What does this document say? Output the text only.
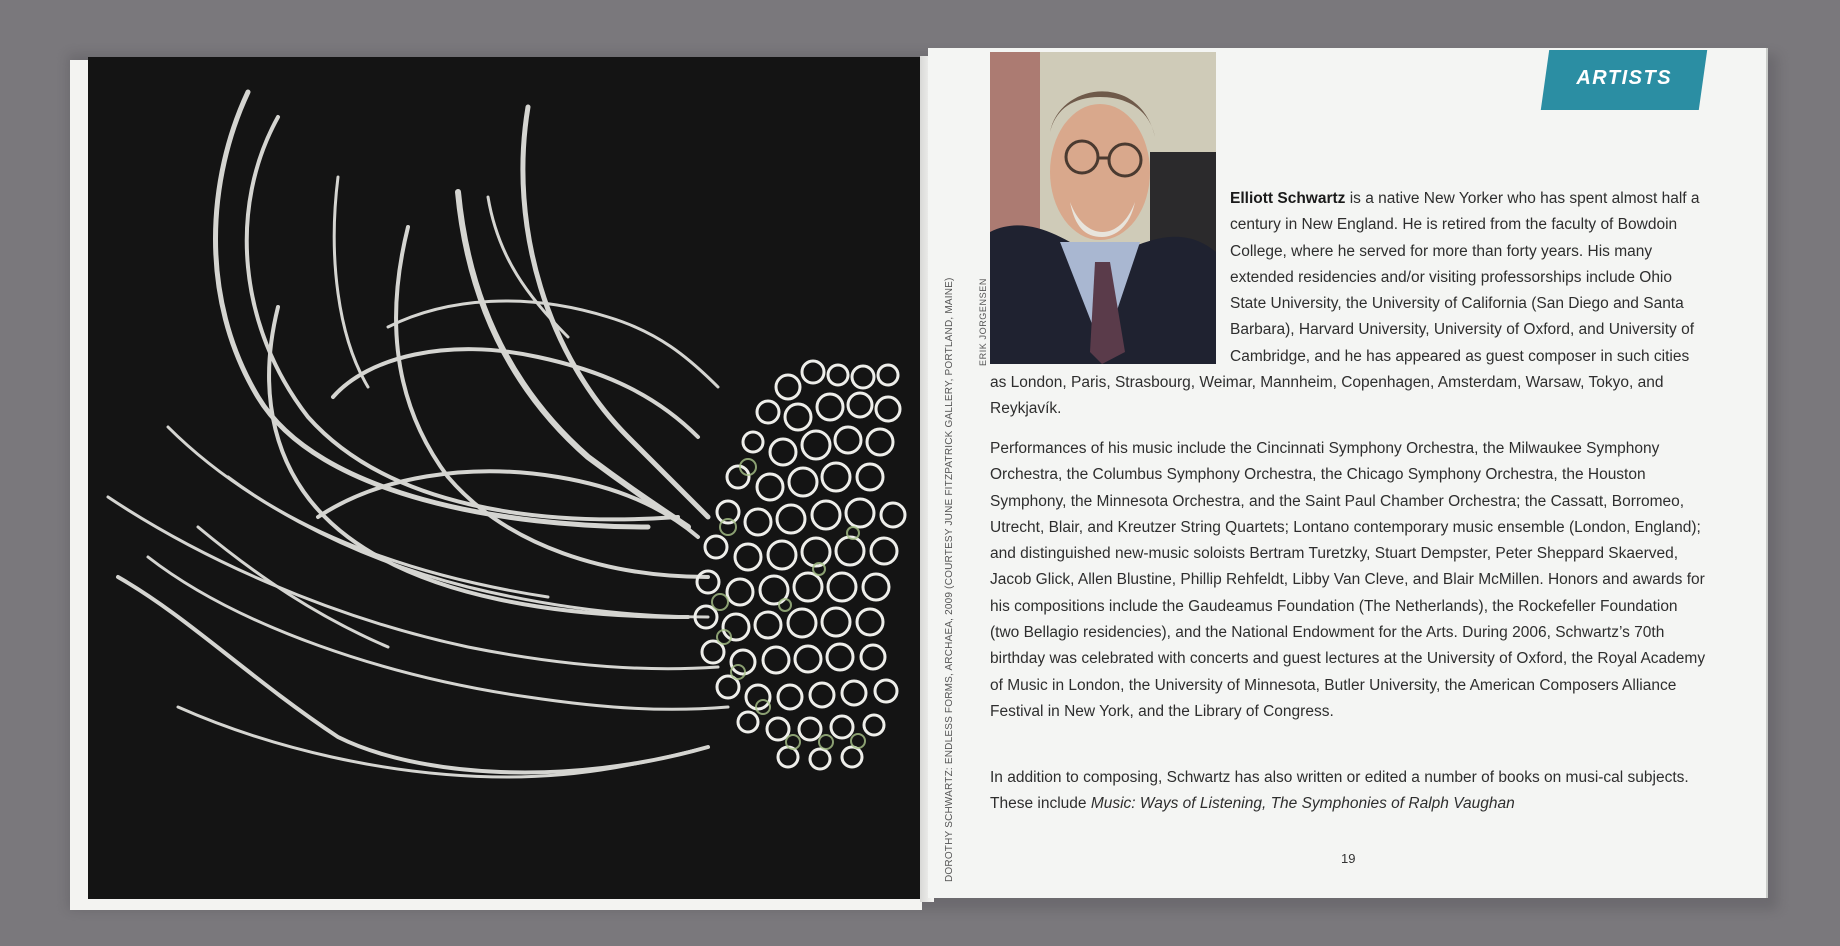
DOROTHY SCHWARTZ: ENDLESS FORMS, ARCHAEA, 2009 (COURTESY JUNE FITZPATRICK GALLERY, PORTLAND, MAINE)	ERIK JORGENSEN
ARTISTS
Elliott Schwartz is a native New Yorker who has spent almost half a century in New England. He is retired from the faculty of Bowdoin College, where he served for more than forty years. His many extended residencies and/or visiting professorships include Ohio State University, the University of California (San Diego and Santa Barbara), Harvard University, University of Oxford, and University of Cambridge, and he has appeared as guest composer in such cities as London, Paris, Strasbourg, Weimar, Mannheim, Copenhagen, Amsterdam, Warsaw, Tokyo, and Reykjavík.
Performances of his music include the Cincinnati Symphony Orchestra, the Milwaukee Symphony Orchestra, the Columbus Symphony Orchestra, the Chicago Symphony Orchestra, the Houston Symphony, the Minnesota Orchestra, and the Saint Paul Chamber Orchestra; the Cassatt, Borromeo, Utrecht, Blair, and Kreutzer String Quartets; Lontano contemporary music ensemble (London, England); and distinguished new-music soloists Bertram Turetzky, Stuart Dempster, Peter Sheppard Skaerved, Jacob Glick, Allen Blustine, Phillip Rehfeldt, Libby Van Cleve, and Blair McMillen. Honors and awards for his compositions include the Gaudeamus Foundation (The Netherlands), the Rockefeller Foundation (two Bellagio residencies), and the National Endowment for the Arts. During 2006, Schwartz’s 70th birthday was celebrated with concerts and guest lectures at the University of Oxford, the Royal Academy of Music in London, the University of Minnesota, Butler University, the American Composers Alliance Festival in New York, and the Library of Congress.
In addition to composing, Schwartz has also written or edited a number of books on musi-cal subjects. These include Music: Ways of Listening, The Symphonies of Ralph Vaughan
19
